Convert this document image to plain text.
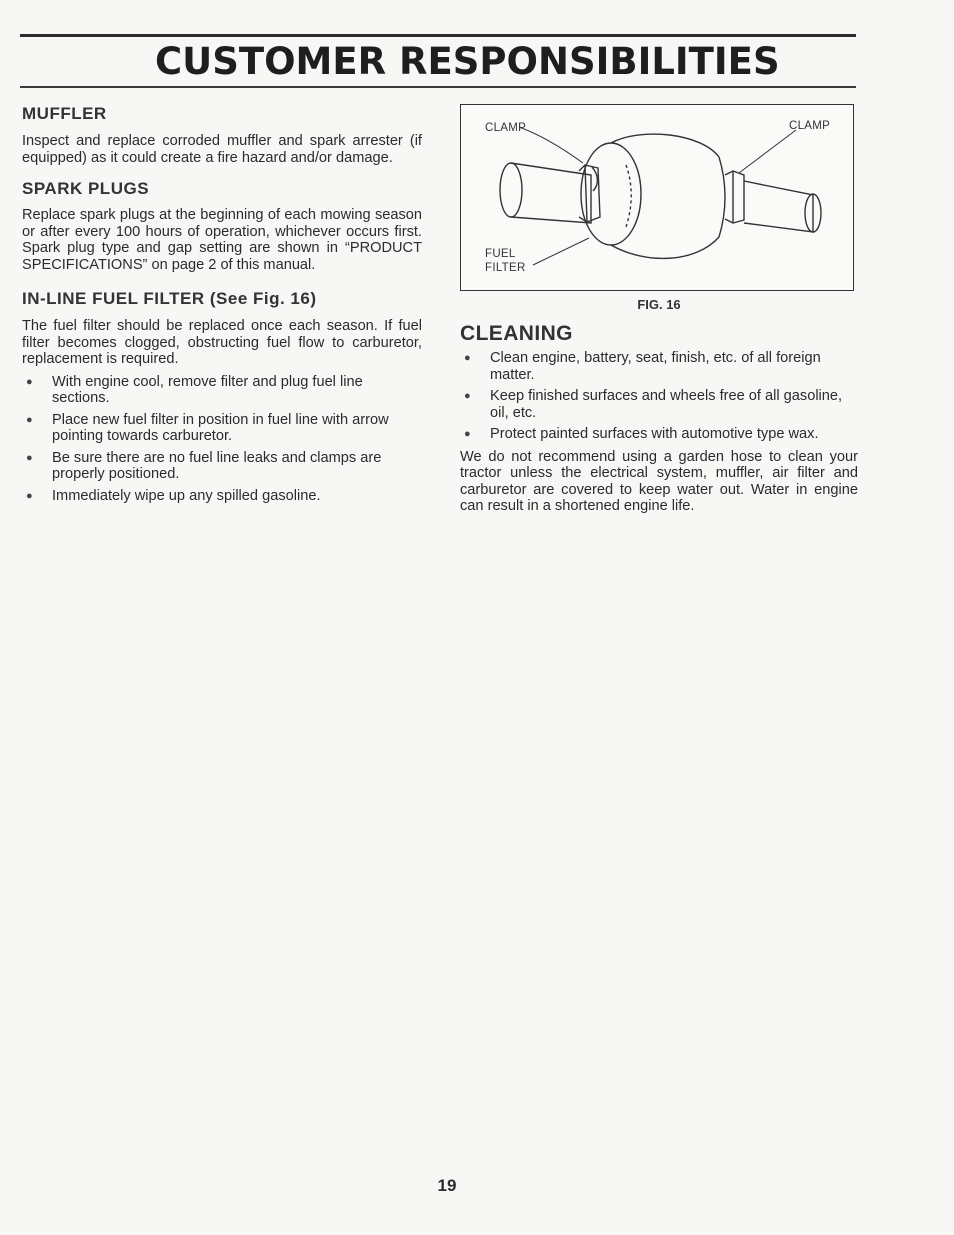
CUSTOMER RESPONSIBILITIES
MUFFLER

Inspect and replace corroded muffler and spark arrester (if equipped) as it could create a fire hazard and/or damage.

SPARK PLUGS

Replace spark plugs at the beginning of each mowing season or after every 100 hours of operation, whichever occurs first. Spark plug type and gap setting are shown in “PRODUCT SPECIFICATIONS” on page 2 of this manual.

IN-LINE FUEL FILTER (See Fig. 16)

The fuel filter should be replaced once each season. If fuel filter becomes clogged, obstructing fuel flow to carburetor, replacement is required.

● With engine cool, remove filter and plug fuel line sections.
● Place new fuel filter in position in fuel line with arrow pointing towards carburetor.
● Be sure there are no fuel line leaks and clamps are properly positioned.
● Immediately wipe up any spilled gasoline.
CLAMP	CLAMP
FUEL
FILTER
FIG. 16
CLEANING
● Clean engine, battery, seat, finish, etc. of all foreign matter.
● Keep finished surfaces and wheels free of all gasoline, oil, etc.
● Protect painted surfaces with automotive type wax.

We do not recommend using a garden hose to clean your tractor unless the electrical system, muffler, air filter and carburetor are covered to keep water out. Water in engine can result in a shortened engine life.

19
